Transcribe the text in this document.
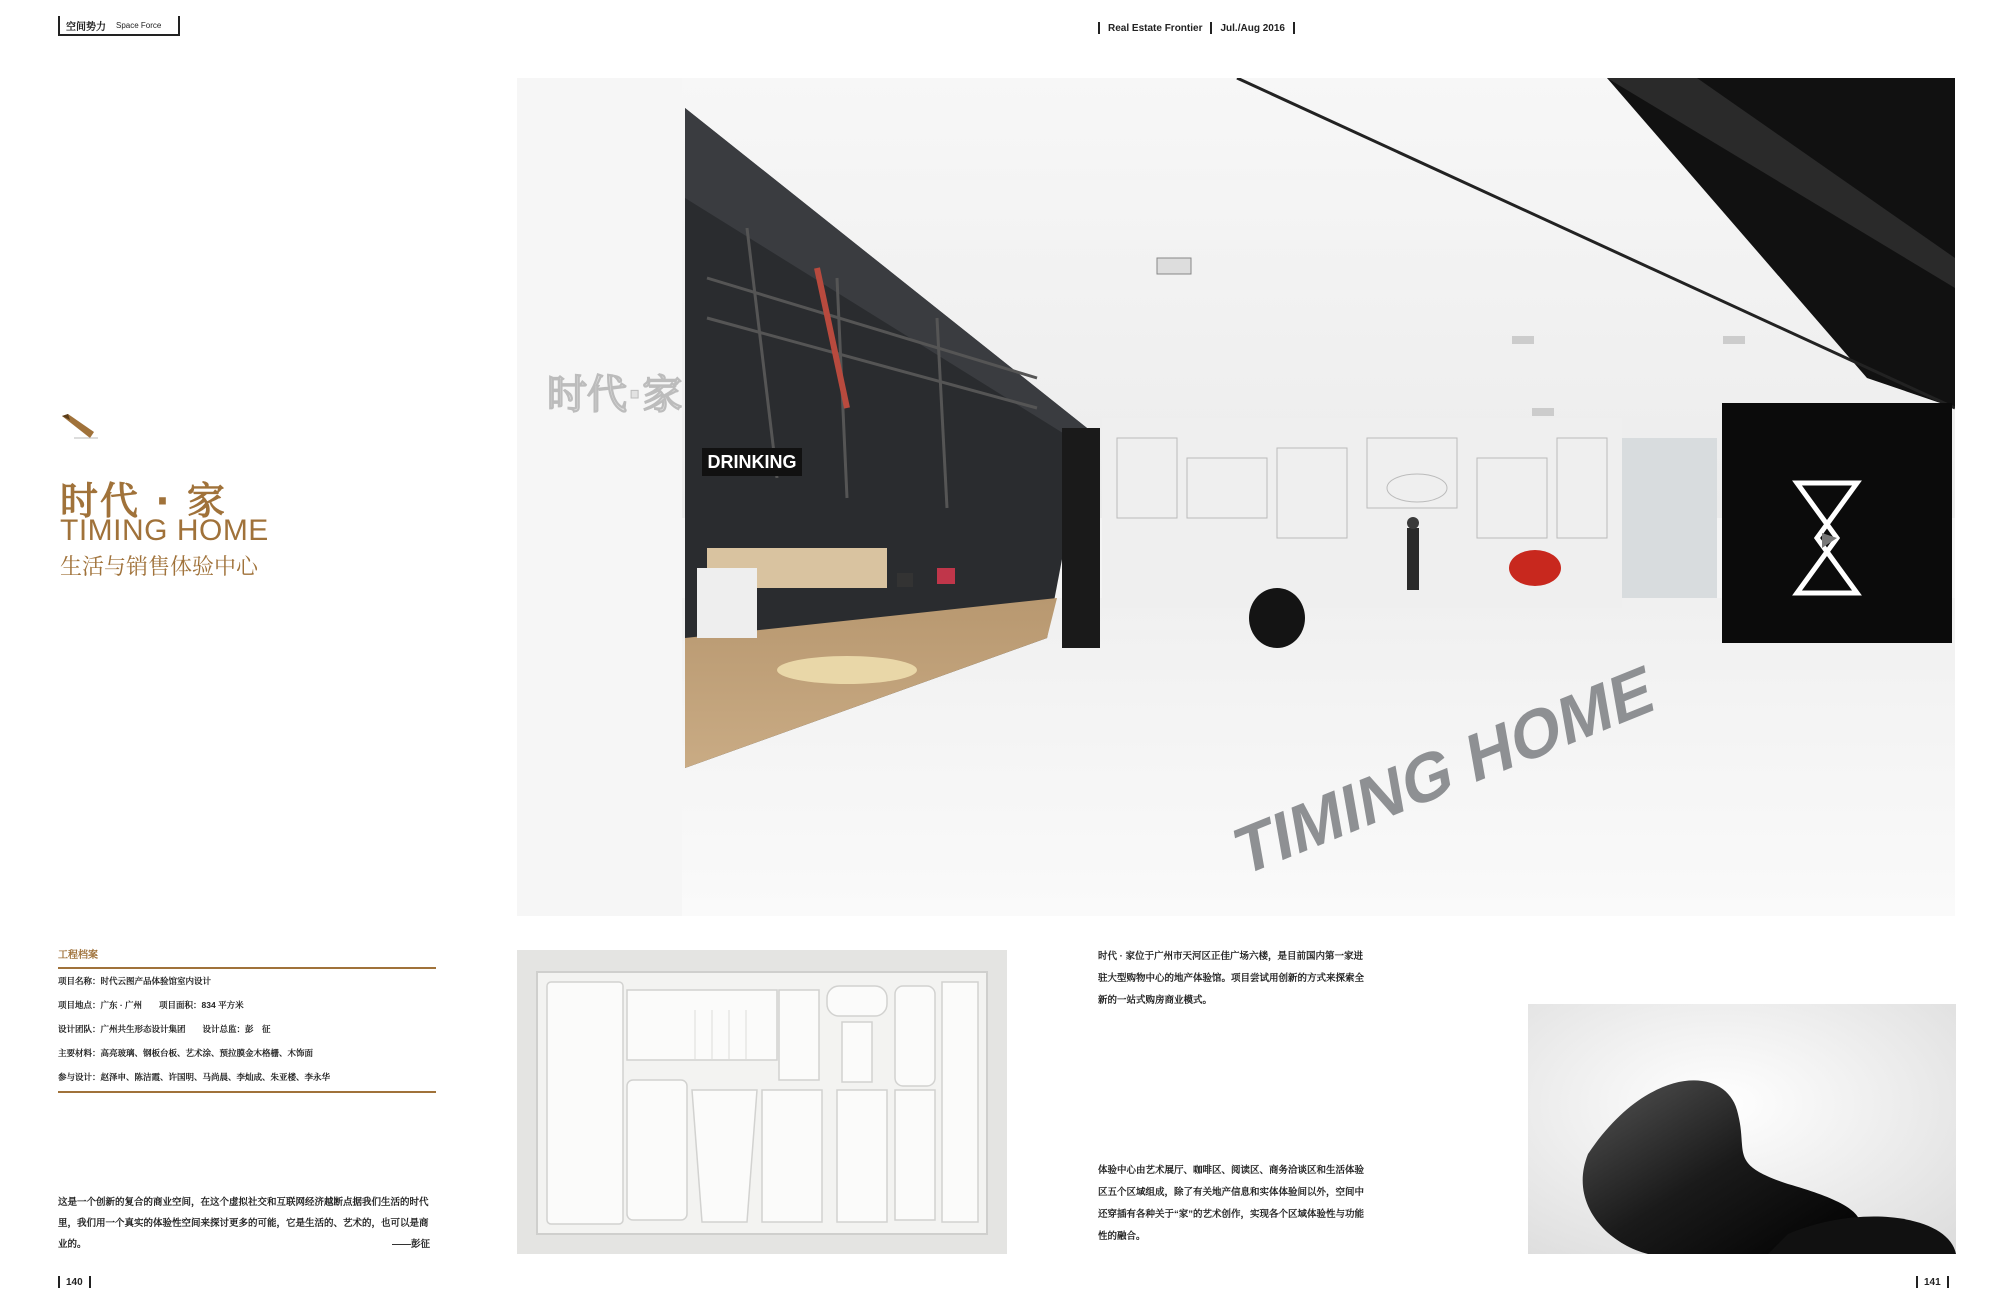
空间势力 Space Force	Real Estate Frontier Jul./Aug 2016
时代 · 家
TIMING HOME
生活与销售体验中心
工程档案
项目名称：时代云图产品体验馆室内设计
项目地点：广东 · 广州　　项目面积：834 平方米
设计团队：广州共生形态设计集团　　设计总监：彭　征
主要材料：高亮玻璃、钢板台板、艺术涂、预拉膜金木格栅、木饰面
参与设计：赵泽申、陈洁霞、许国明、马尚晨、李灿成、朱亚楼、李永华
这是一个创新的复合的商业空间，在这个虚拟社交和互联网经济越断点据我们生活的时代里，我们用一个真实的体验性空间来探讨更多的可能，它是生活的、艺术的，也可以是商业的。	——彭征
DRINKING
时代·家
TIMING HOME
时代 · 家位于广州市天河区正佳广场六楼，是目前国内第一家进驻大型购物中心的地产体验馆。项目尝试用创新的方式来探索全新的一站式购房商业模式。
体验中心由艺术展厅、咖啡区、阅读区、商务洽谈区和生活体验区五个区域组成，除了有关地产信息和实体体验间以外，空间中还穿插有各种关于“家”的艺术创作，实现各个区域体验性与功能性的融合。
140	141
